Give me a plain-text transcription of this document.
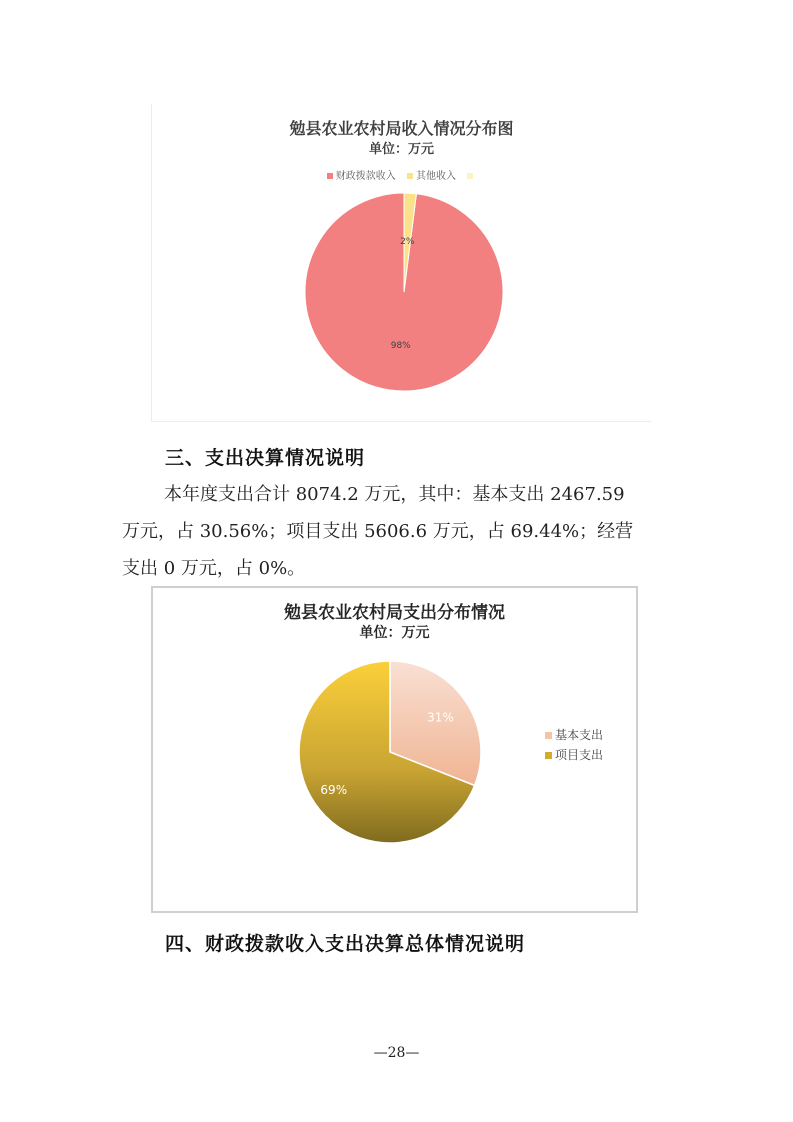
勉县农业农村局收入情况分布图
单位：万元
财政拨款收入 其他收入
98%
2%
三、支出决算情况说明
本年度支出合计 8074.2 万元，其中：基本支出 2467.59
万元，占 30.56%；项目支出 5606.6 万元，占 69.44%；经营
支出 0 万元，占 0%。
勉县农业农村局支出分布情况
单位：万元
31%
69%
基本支出
项目支出
四、财政拨款收入支出决算总体情况说明
—28—
